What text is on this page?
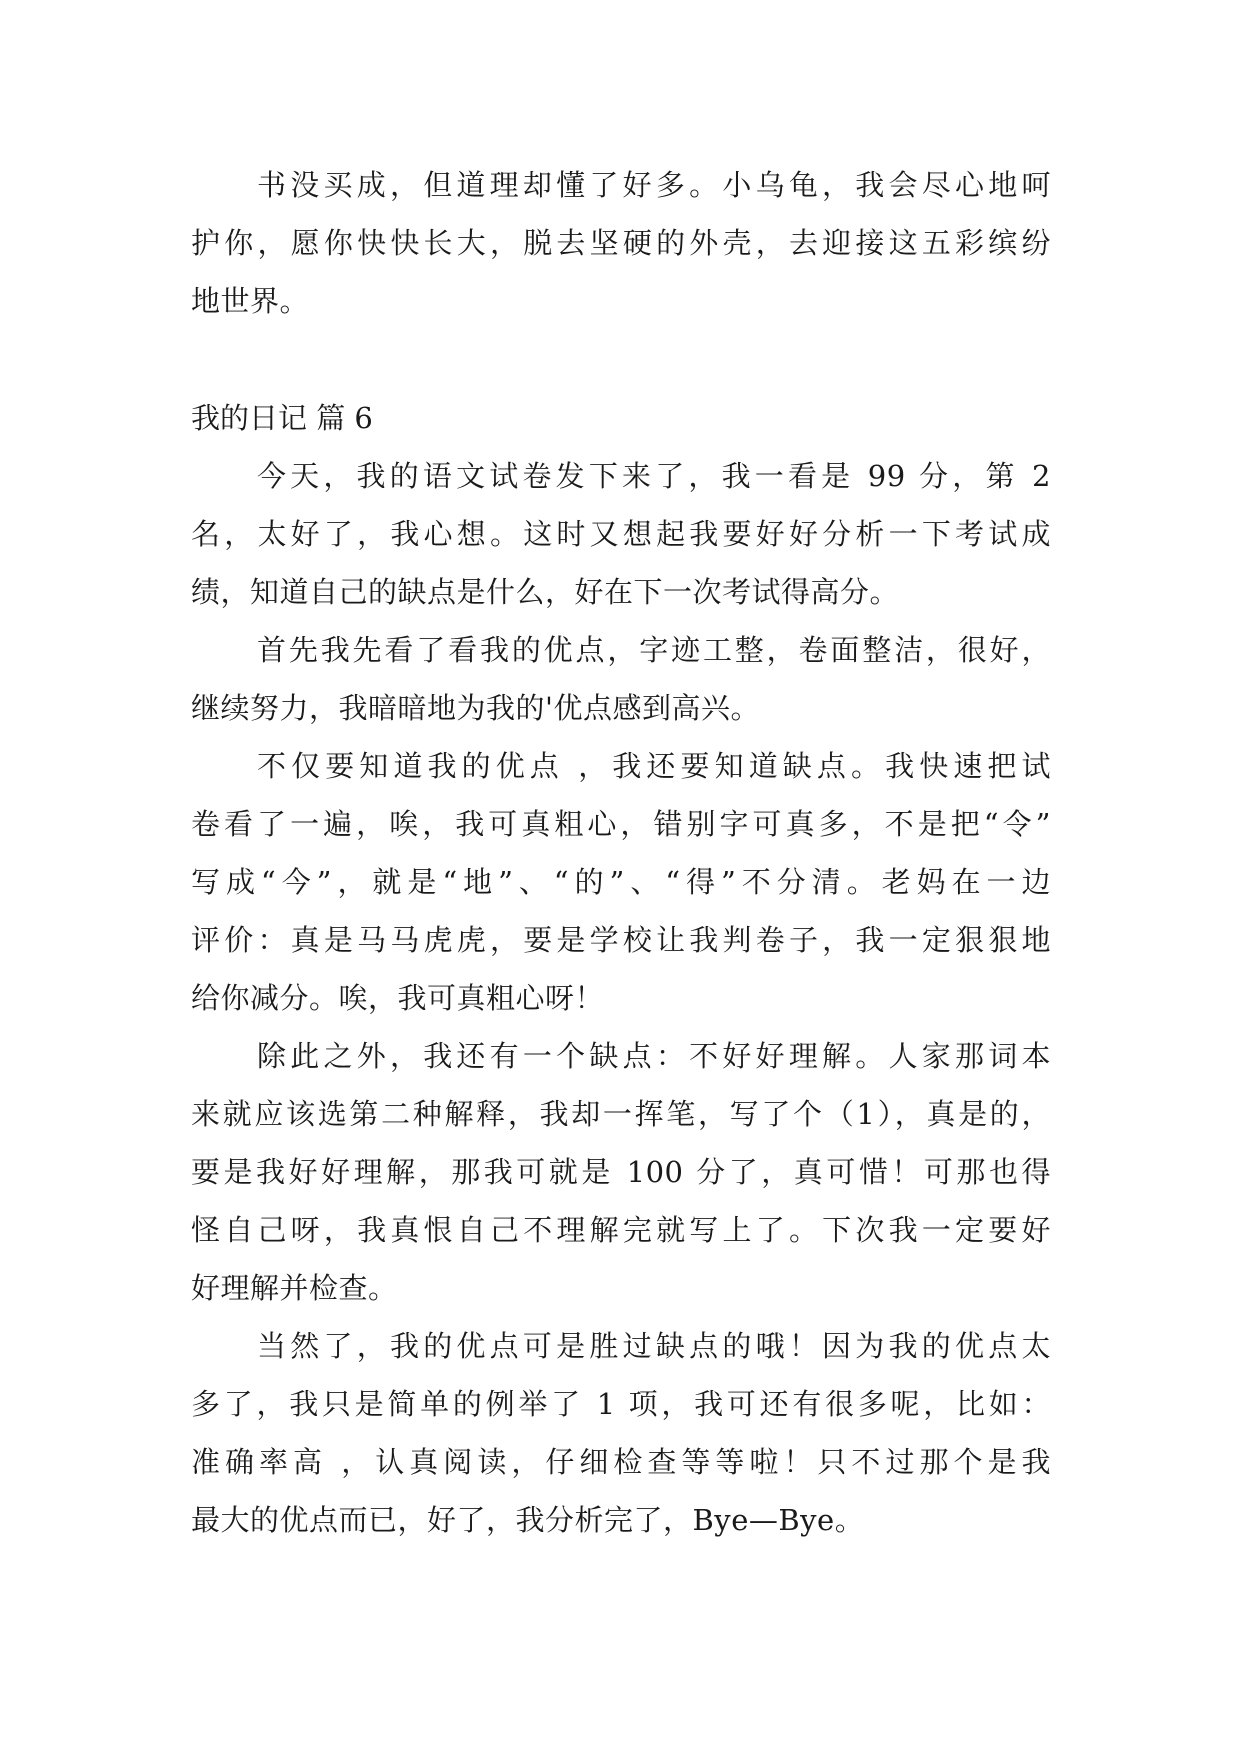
书没买成，但道理却懂了好多。小乌龟，我会尽心地呵
护你，愿你快快长大，脱去坚硬的外壳，去迎接这五彩缤纷
地世界。
我的日记 篇 6
今天，我的语文试卷发下来了，我一看是 99 分，第 2
名，太好了，我心想。这时又想起我要好好分析一下考试成
绩，知道自己的缺点是什么，好在下一次考试得高分。
首先我先看了看我的优点，字迹工整，卷面整洁，很好，
继续努力，我暗暗地为我的'优点感到高兴。
不仅要知道我的优点 ，我还要知道缺点。我快速把试
卷看了一遍，唉，我可真粗心，错别字可真多，不是把“令”
写成“今”，就是“地”、“的”、“得”不分清。老妈在一边
评价：真是马马虎虎，要是学校让我判卷子，我一定狠狠地
给你减分。唉，我可真粗心呀！
除此之外，我还有一个缺点：不好好理解。人家那词本
来就应该选第二种解释，我却一挥笔，写了个（1），真是的，
要是我好好理解，那我可就是 100 分了，真可惜！可那也得
怪自己呀，我真恨自己不理解完就写上了。下次我一定要好
好理解并检查。
当然了，我的优点可是胜过缺点的哦！因为我的优点太
多了，我只是简单的例举了 1 项，我可还有很多呢，比如：
准确率高 ，认真阅读，仔细检查等等啦！只不过那个是我
最大的优点而已，好了，我分析完了，Bye—Bye。
